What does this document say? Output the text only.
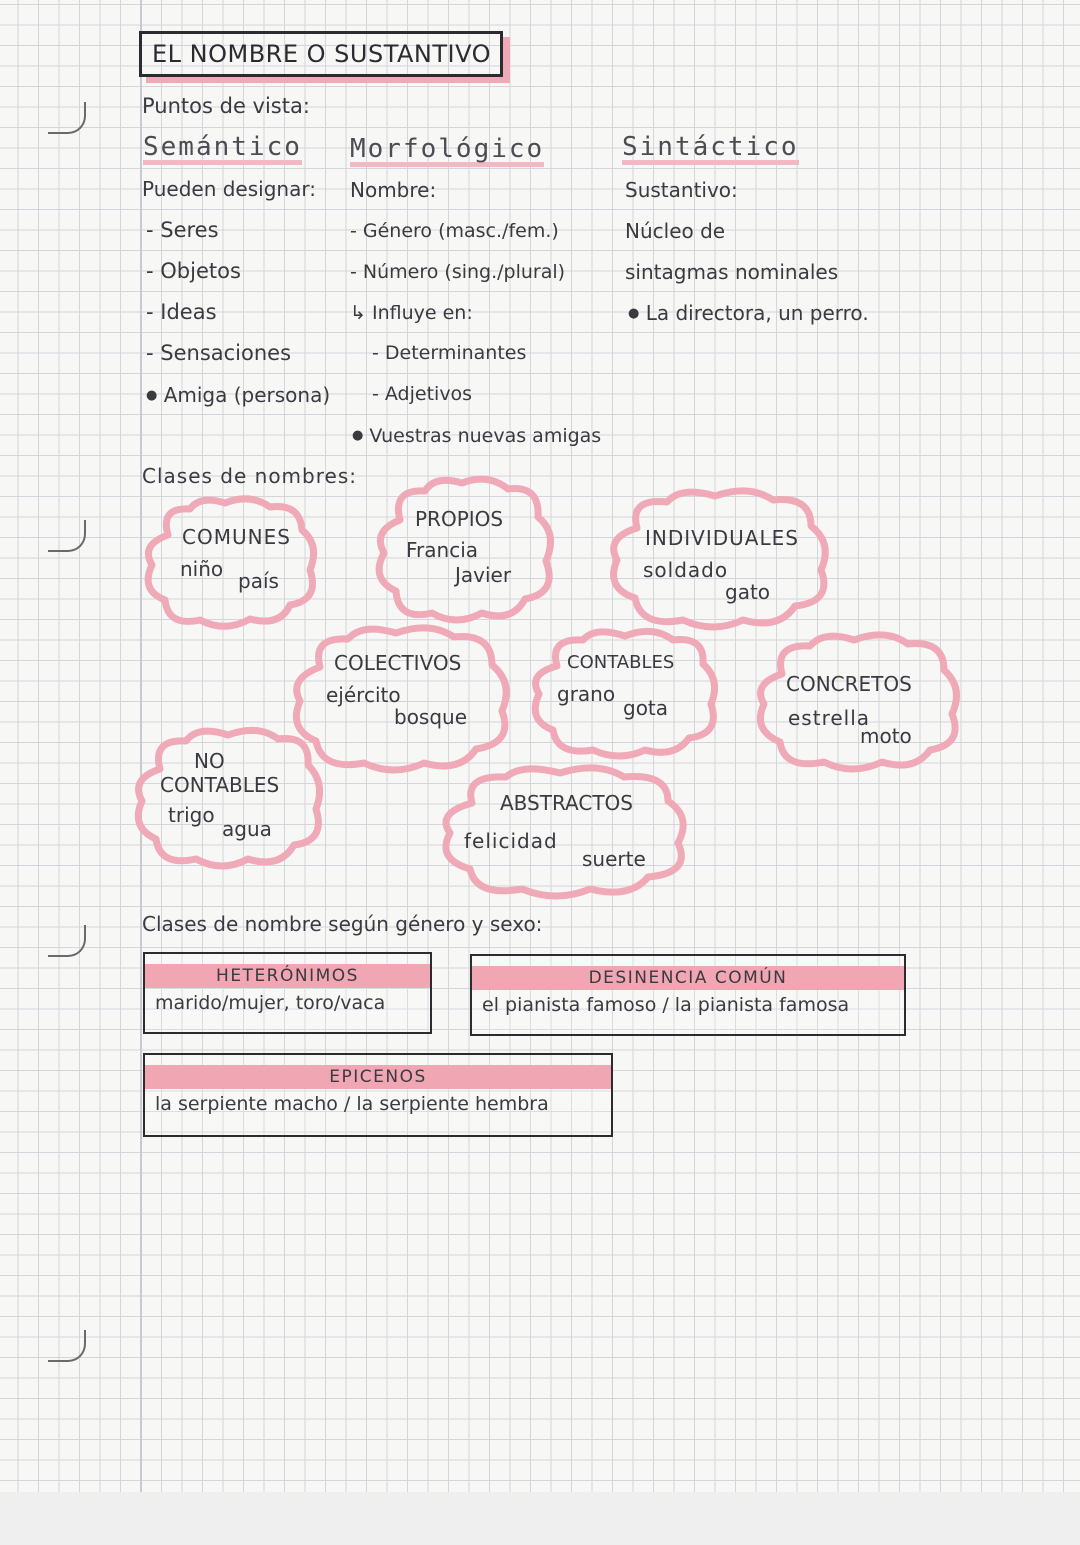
EL NOMBRE O SUSTANTIVO
Puntos de vista:
Semántico
Pueden designar:
- Seres
- Objetos
- Ideas
- Sensaciones
● Amiga (persona)
Morfológico
Nombre:
- Género (masc./fem.)
- Número (sing./plural)
↳ Influye en:
- Determinantes
- Adjetivos
● Vuestras nuevas amigas
Sintáctico
Sustantivo:
Núcleo de
sintagmas nominales
● La directora, un perro.
Clases de nombres:
COMUNES
niño país
PROPIOS
Francia
Javier
INDIVIDUALES
soldado
gato
COLECTIVOS
ejército
bosque
CONTABLES
grano
gota
CONCRETOS
estrella
moto
NO
CONTABLES
trigo
agua
ABSTRACTOS
felicidad
suerte
Clases de nombre según género y sexo:
HETERÓNIMOS
marido/mujer, toro/vaca
DESINENCIA COMÚN
el pianista famoso / la pianista famosa
EPICENOS
la serpiente macho / la serpiente hembra
